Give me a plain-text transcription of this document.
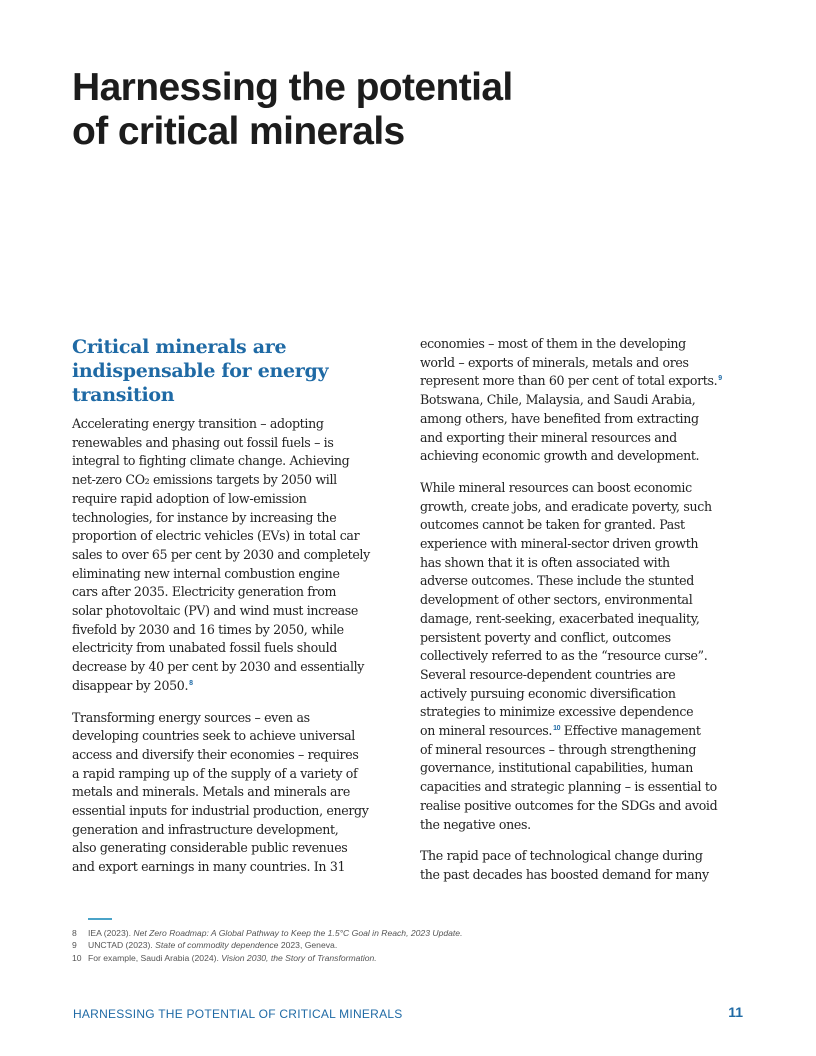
Harnessing the potential
of critical minerals
Critical minerals are
indispensable for energy
transition

Accelerating energy transition – adopting
renewables and phasing out fossil fuels – is
integral to fighting climate change. Achieving
net-zero CO₂ emissions targets by 2050 will
require rapid adoption of low-emission
technologies, for instance by increasing the
proportion of electric vehicles (EVs) in total car
sales to over 65 per cent by 2030 and completely
eliminating new internal combustion engine
cars after 2035. Electricity generation from
solar photovoltaic (PV) and wind must increase
fivefold by 2030 and 16 times by 2050, while
electricity from unabated fossil fuels should
decrease by 40 per cent by 2030 and essentially
disappear by 2050.$^8$

Transforming energy sources – even as
developing countries seek to achieve universal
access and diversify their economies – requires
a rapid ramping up of the supply of a variety of
metals and minerals. Metals and minerals are
essential inputs for industrial production, energy
generation and infrastructure development,
also generating considerable public revenues
and export earnings in many countries. In 31

economies – most of them in the developing
world – exports of minerals, metals and ores
represent more than 60 per cent of total exports.$^9$
Botswana, Chile, Malaysia, and Saudi Arabia,
among others, have benefited from extracting
and exporting their mineral resources and
achieving economic growth and development.

While mineral resources can boost economic
growth, create jobs, and eradicate poverty, such
outcomes cannot be taken for granted. Past
experience with mineral-sector driven growth
has shown that it is often associated with
adverse outcomes. These include the stunted
development of other sectors, environmental
damage, rent-seeking, exacerbated inequality,
persistent poverty and conflict, outcomes
collectively referred to as the “resource curse”.
Several resource-dependent countries are
actively pursuing economic diversification
strategies to minimize excessive dependence
on mineral resources.$^{10}$ Effective management
of mineral resources – through strengthening
governance, institutional capabilities, human
capacities and strategic planning – is essential to
realise positive outcomes for the SDGs and avoid
the negative ones.

The rapid pace of technological change during
the past decades has boosted demand for many

8 IEA (2023). Net Zero Roadmap: A Global Pathway to Keep the 1.5°C Goal in Reach, 2023 Update.
9 UNCTAD (2023). State of commodity dependence 2023, Geneva.
10 For example, Saudi Arabia (2024). Vision 2030, the Story of Transformation.
HARNESSING THE POTENTIAL OF CRITICAL MINERALS	11
